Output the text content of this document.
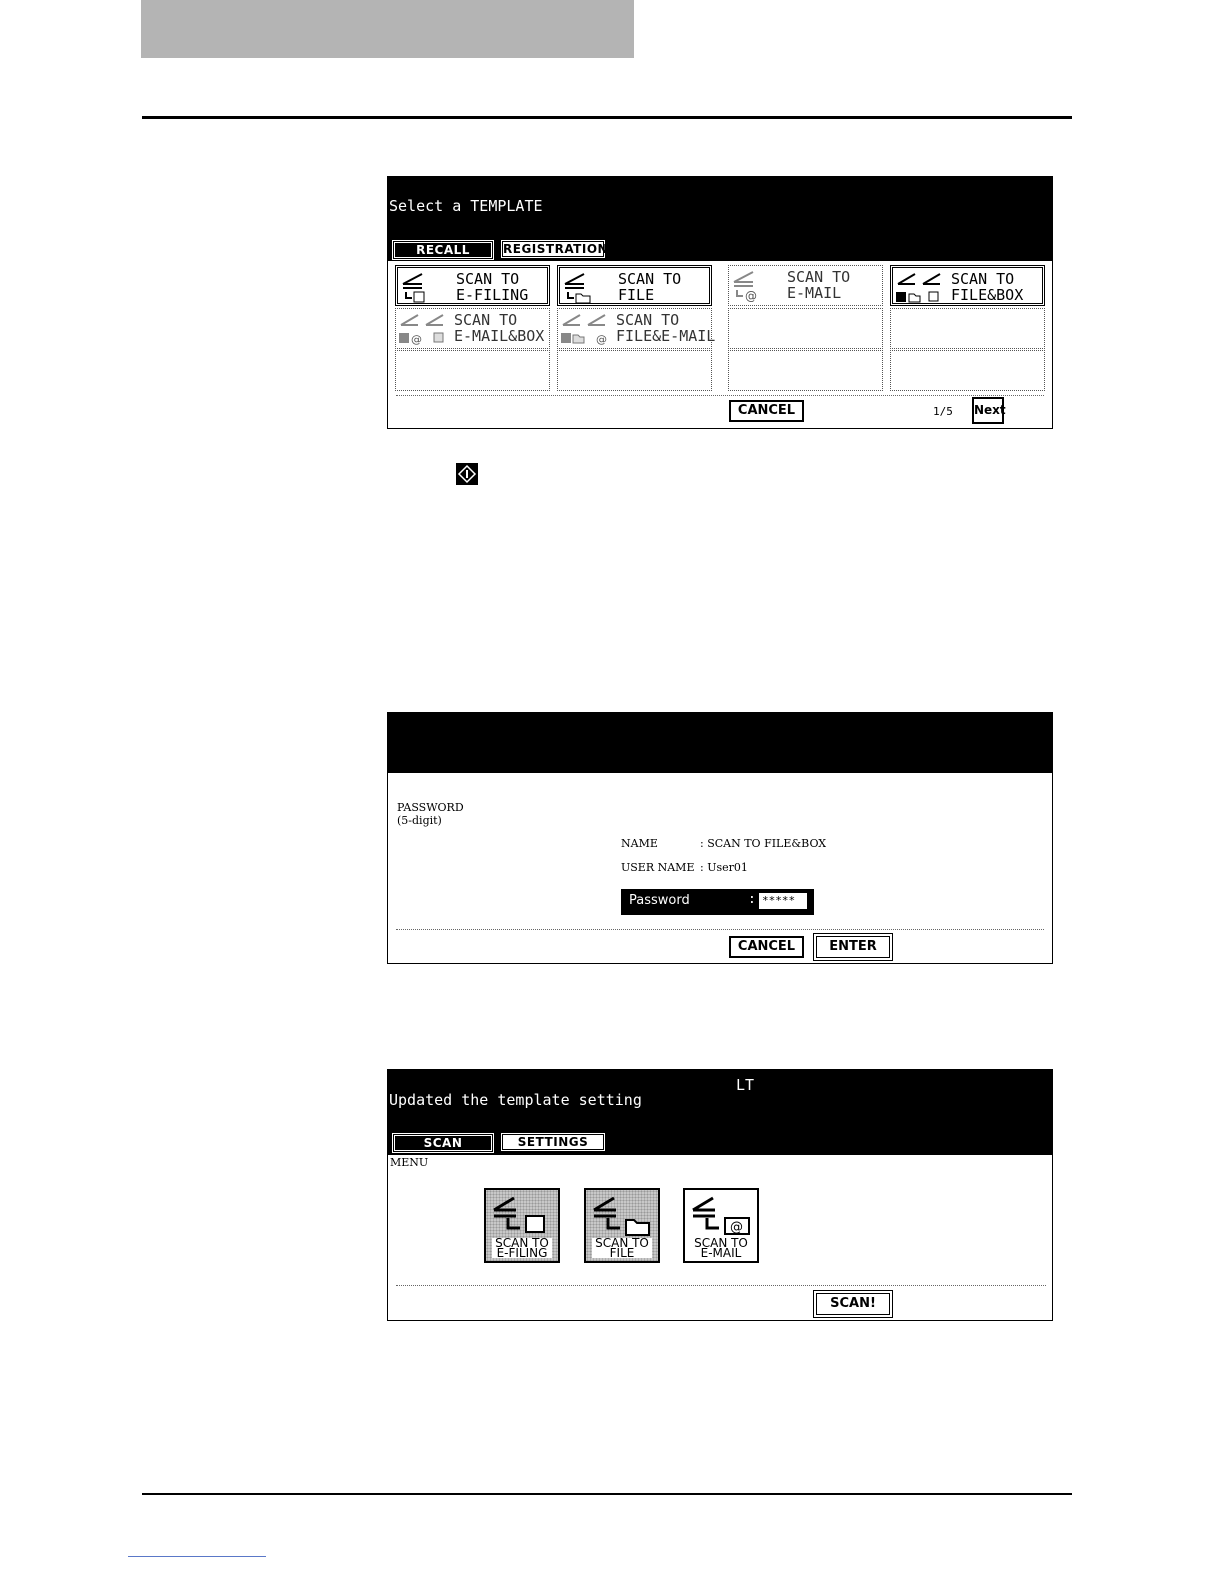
Select a TEMPLATE
RECALL	REGISTRATION
SCAN TO
E-FILING
SCAN TO
FILE	@
SCAN TO
E-MAIL
SCAN TO
FILE&BOX
@
SCAN TO
E-MAIL&BOX	@
SCAN TO
FILE&E-MAIL
CANCEL	1/5 Next
PASSWORD
(5-digit)
NAME	: SCAN TO FILE&BOX
USER NAME : User01
Password	: *****
CANCEL	ENTER
LT
Updated the template setting
SCAN	SETTINGS
MENU
SCAN TO
E-FILING
SCAN TO
FILE
@
SCAN TO
E-MAIL
SCAN!
